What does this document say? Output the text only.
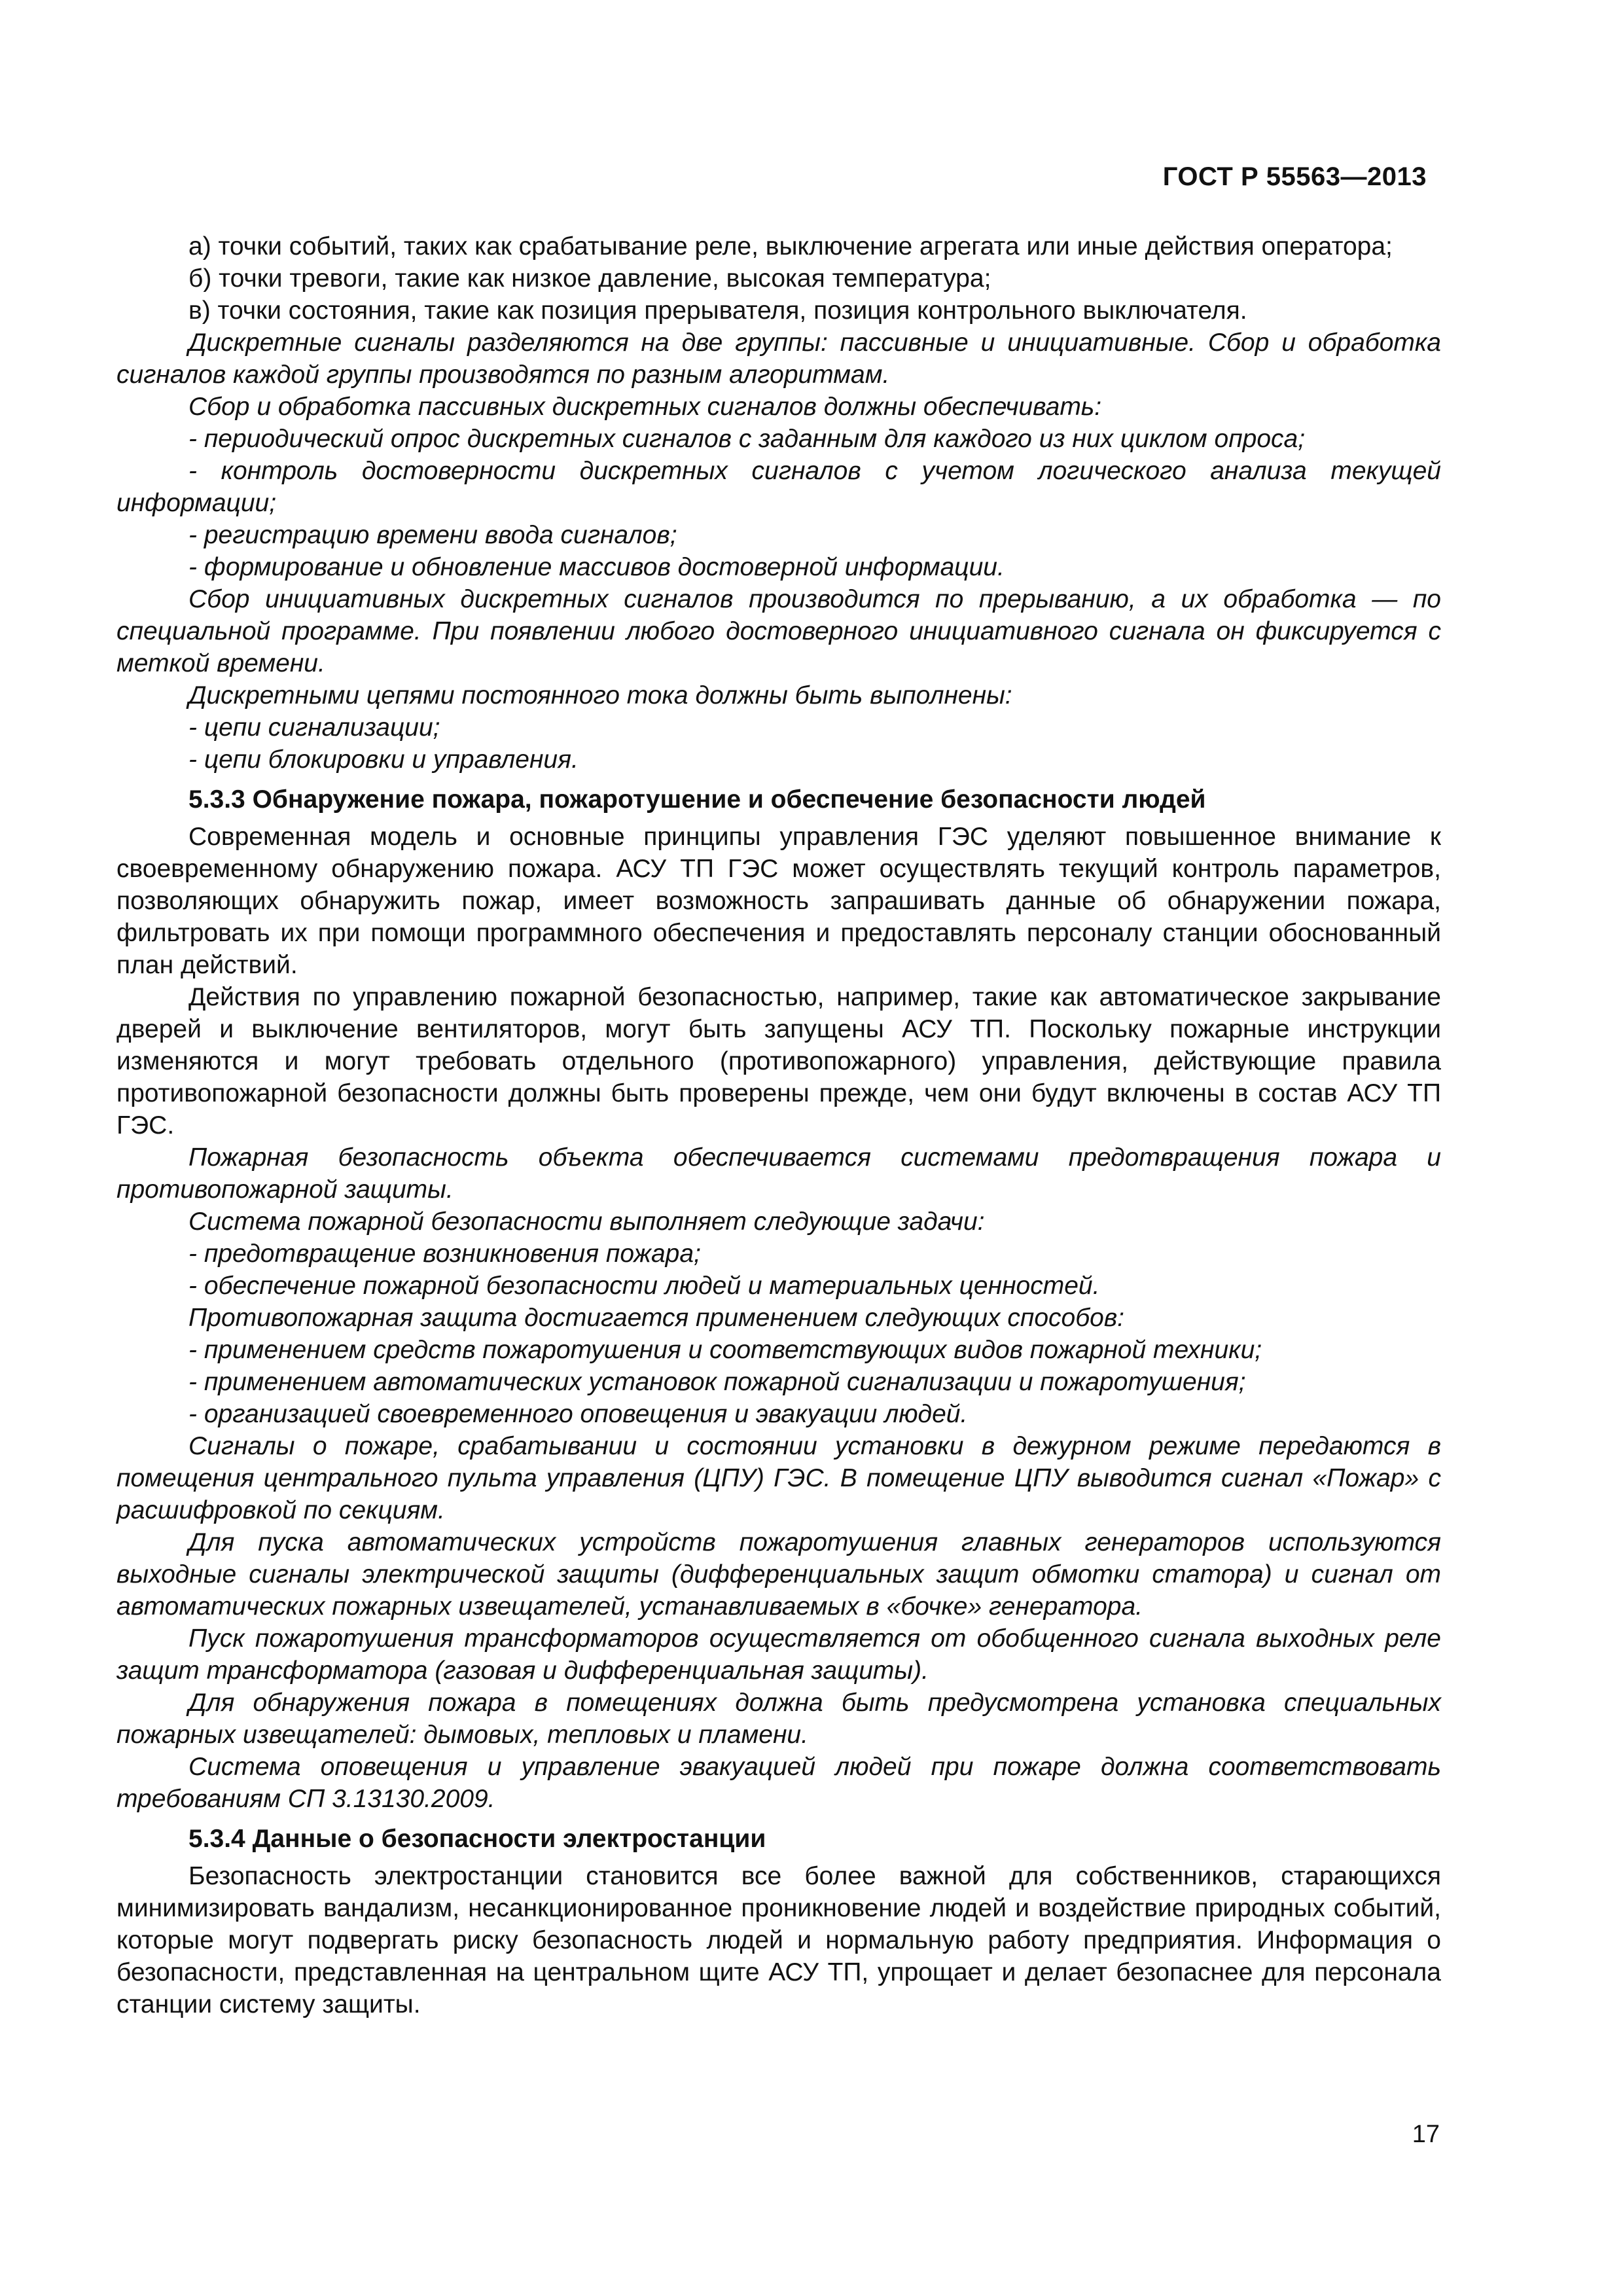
ГОСТ Р 55563—2013

а) точки событий, таких как срабатывание реле, выключение агрегата или иные действия оператора;

б) точки тревоги, такие как низкое давление, высокая температура;

в) точки состояния, такие как позиция прерывателя, позиция контрольного выключателя.

Дискретные сигналы разделяются на две группы: пассивные и инициативные. Сбор и обработка сигналов каждой группы производятся по разным алгоритмам.

Сбор и обработка пассивных дискретных сигналов должны обеспечивать:

- периодический опрос дискретных сигналов с заданным для каждого из них циклом опроса;

- контроль достоверности дискретных сигналов с учетом логического анализа текущей информации;

- регистрацию времени ввода сигналов;

- формирование и обновление массивов достоверной информации.

Сбор инициативных дискретных сигналов производится по прерыванию, а их обработка — по специальной программе. При появлении любого достоверного инициативного сигнала он фиксируется с меткой времени.

Дискретными цепями постоянного тока должны быть выполнены:

- цепи сигнализации;

- цепи блокировки и управления.

5.3.3 Обнаружение пожара, пожаротушение и обеспечение безопасности людей

Современная модель и основные принципы управления ГЭС уделяют повышенное внимание к своевременному обнаружению пожара. АСУ ТП ГЭС может осуществлять текущий контроль параметров, позволяющих обнаружить пожар, имеет возможность запрашивать данные об обнаружении пожара, фильтровать их при помощи программного обеспечения и предоставлять персоналу станции обоснованный план действий.

Действия по управлению пожарной безопасностью, например, такие как автоматическое закрывание дверей и выключение вентиляторов, могут быть запущены АСУ ТП. Поскольку пожарные инструкции изменяются и могут требовать отдельного (противопожарного) управления, действующие правила противопожарной безопасности должны быть проверены прежде, чем они будут включены в состав АСУ ТП ГЭС.

Пожарная безопасность объекта обеспечивается системами предотвращения пожара и противопожарной защиты.

Система пожарной безопасности выполняет следующие задачи:

- предотвращение возникновения пожара;

- обеспечение пожарной безопасности людей и материальных ценностей.

Противопожарная защита достигается применением следующих способов:

- применением средств пожаротушения и соответствующих видов пожарной техники;

- применением автоматических установок пожарной сигнализации и пожаротушения;

- организацией своевременного оповещения и эвакуации людей.

Сигналы о пожаре, срабатывании и состоянии установки в дежурном режиме передаются в помещения центрального пульта управления (ЦПУ) ГЭС. В помещение ЦПУ выводится сигнал «Пожар» с расшифровкой по секциям.

Для пуска автоматических устройств пожаротушения главных генераторов используются выходные сигналы электрической защиты (дифференциальных защит обмотки статора) и сигнал от автоматических пожарных извещателей, устанавливаемых в «бочке» генератора.

Пуск пожаротушения трансформаторов осуществляется от обобщенного сигнала выходных реле защит трансформатора (газовая и дифференциальная защиты).

Для обнаружения пожара в помещениях должна быть предусмотрена установка специальных пожарных извещателей: дымовых, тепловых и пламени.

Система оповещения и управление эвакуацией людей при пожаре должна соответствовать требованиям СП 3.13130.2009.

5.3.4 Данные о безопасности электростанции

Безопасность электростанции становится все более важной для собственников, старающихся минимизировать вандализм, несанкционированное проникновение людей и воздействие природных событий, которые могут подвергать риску безопасность людей и нормальную работу предприятия. Информация о безопасности, представленная на центральном щите АСУ ТП, упрощает и делает безопаснее для персонала станции систему защиты.

17
